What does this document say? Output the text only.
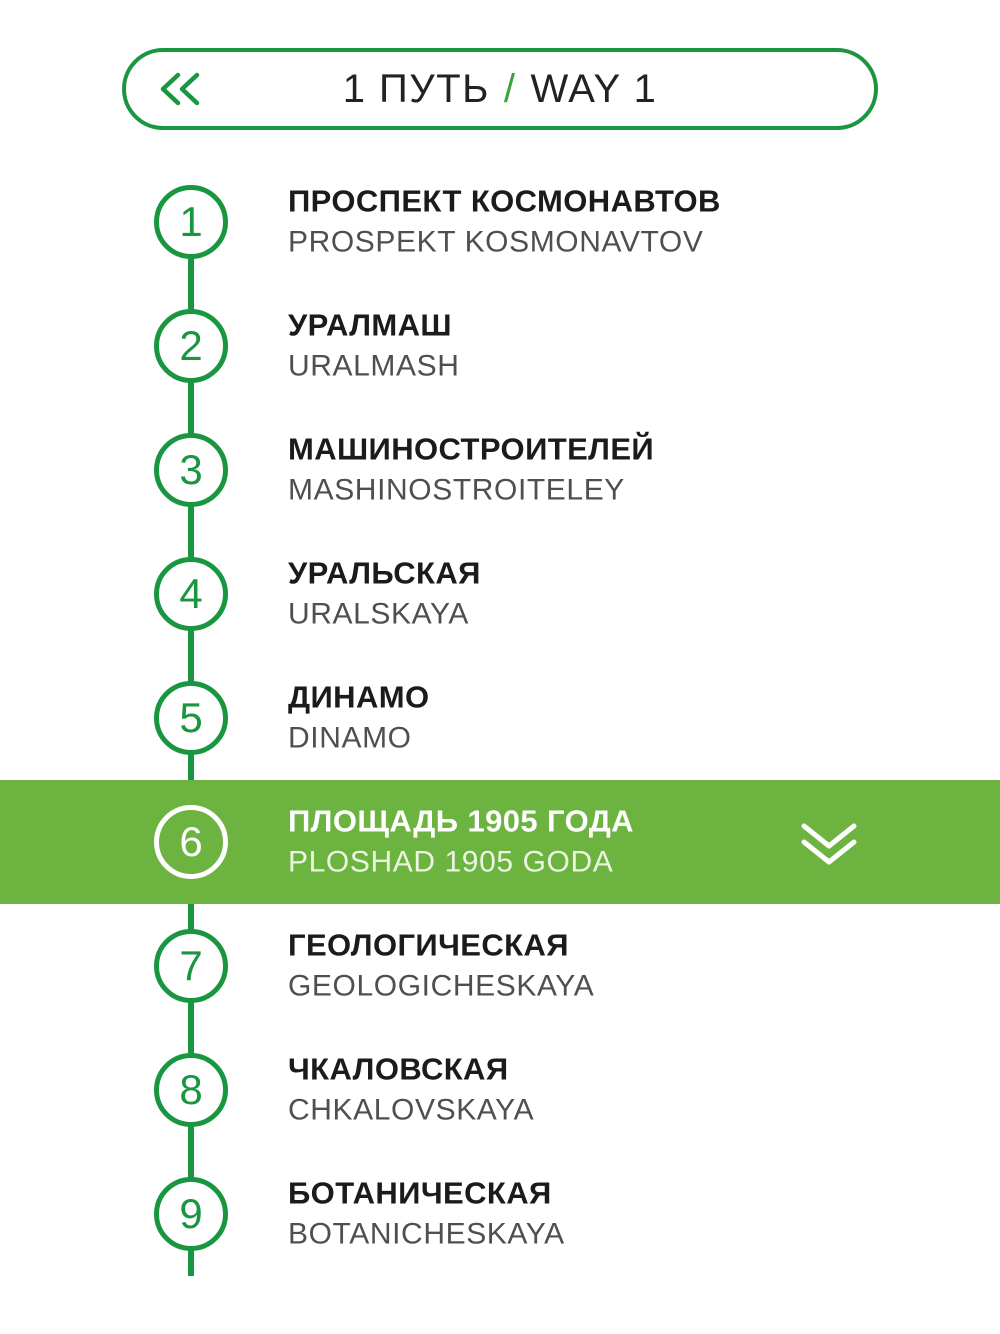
1 ПУТЬ / WAY 1
1	ПРОСПЕКТ КОСМОНАВТОВ
PROSPEKT KOSMONAVTOV
2	УРАЛМАШ
URALMASH
3	МАШИНОСТРОИТЕЛЕЙ
MASHINOSTROITELEY
4	УРАЛЬСКАЯ
URALSKAYA
5	ДИНАМО
DINAMO
6	ПЛОЩАДЬ 1905 ГОДА
PLOSHAD 1905 GODA
7	ГЕОЛОГИЧЕСКАЯ
GEOLOGICHESKAYA
8	ЧКАЛОВСКАЯ
CHKALOVSKAYA
9	БОТАНИЧЕСКАЯ
BOTANICHESKAYA
